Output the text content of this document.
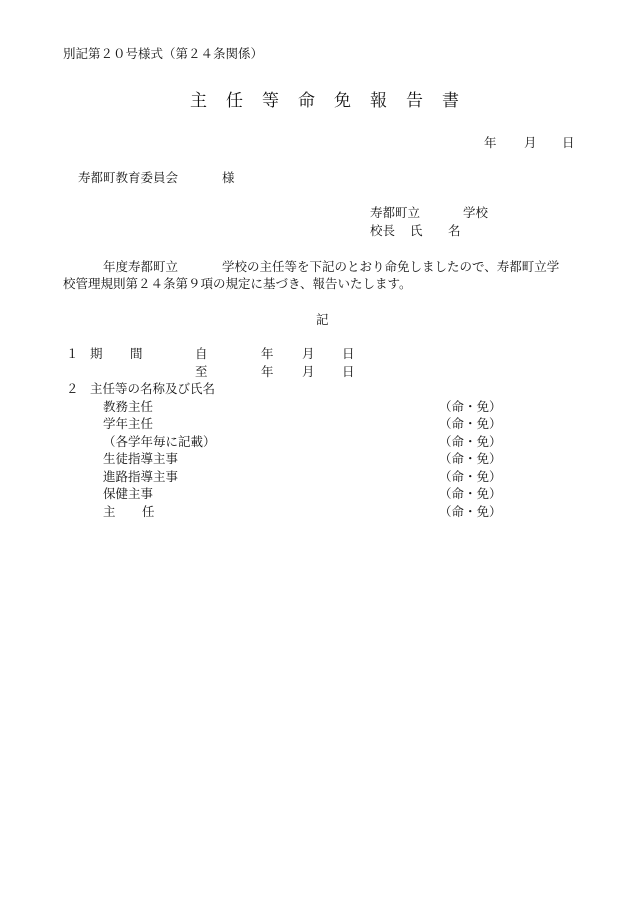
別記第２０号様式（第２４条関係）
主 任 等 命 免 報 告 書
年 月 日
寿都町教育委員会	様
寿都町立	学校
校長 氏 名
年度寿都町立	学校の主任等を下記のとおり命免しましたので、寿都町立学
校管理規則第２４条第９項の規定に基づき、報告いたします。
記
１ 期 間	自	年 月 日
至	年 月 日
２ 主任等の名称及び氏名
教務主任	（命・免）
学年主任	（命・免）
（各学年毎に記載）	（命・免）
生徒指導主事	（命・免）
進路指導主事	（命・免）
保健主事	（命・免）
主 任	（命・免）
